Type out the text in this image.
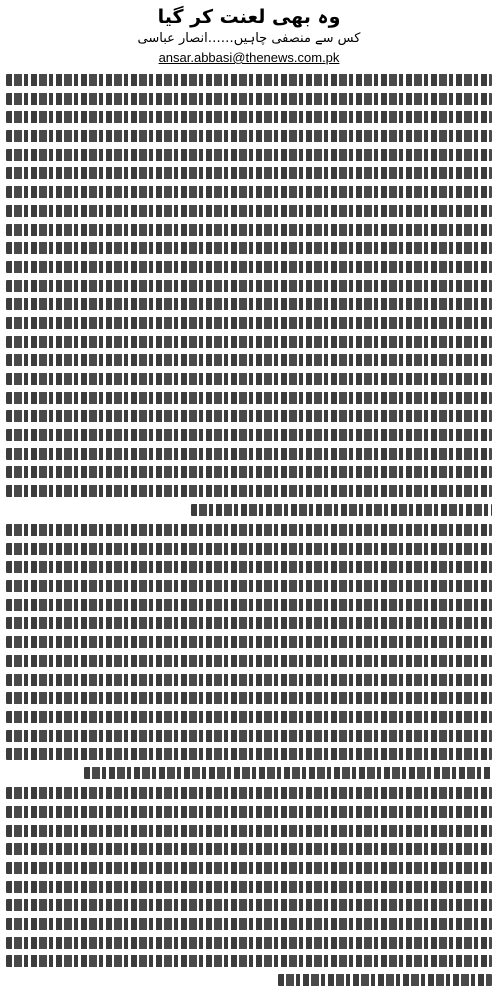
وہ بھی لعنت کر گیا
کس سے منصفی چاہیں……انصار عباسی
ansar.abbasi@thenews.com.pk
